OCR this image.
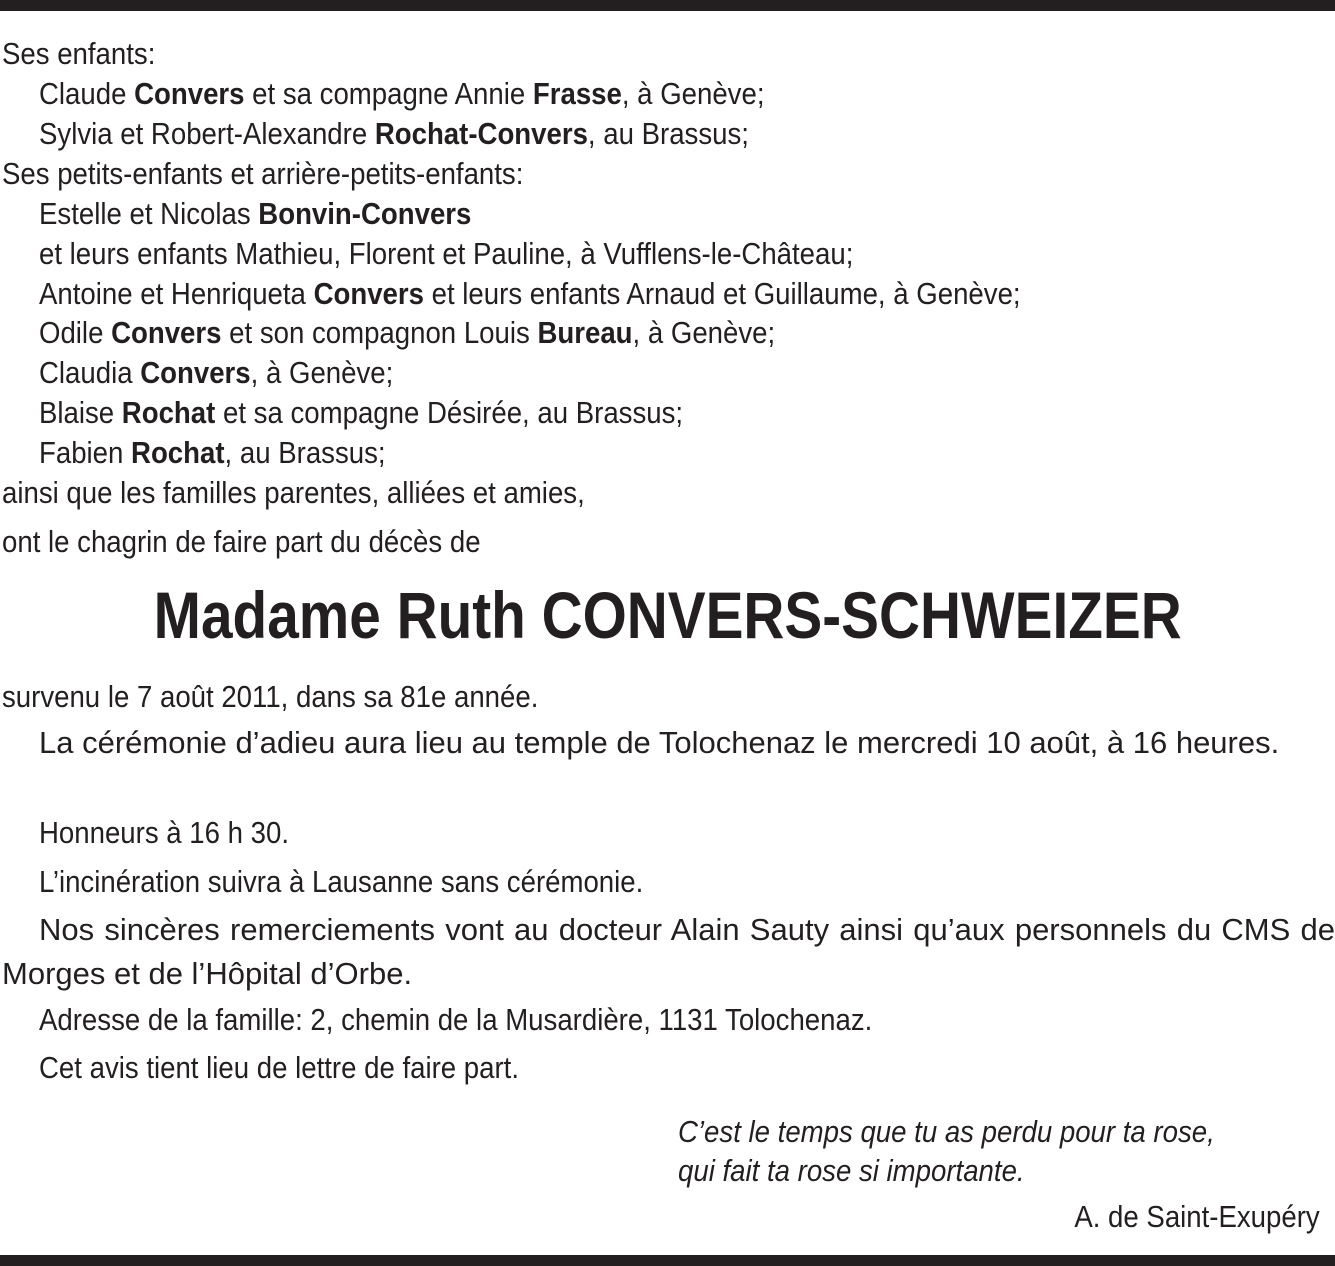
Ses enfants:
Claude Convers et sa compagne Annie Frasse, à Genève;
Sylvia et Robert-Alexandre Rochat-Convers, au Brassus;
Ses petits-enfants et arrière-petits-enfants:
Estelle et Nicolas Bonvin-Convers
et leurs enfants Mathieu, Florent et Pauline, à Vufflens-le-Château;
Antoine et Henriqueta Convers et leurs enfants Arnaud et Guillaume, à Genève;
Odile Convers et son compagnon Louis Bureau, à Genève;
Claudia Convers, à Genève;
Blaise Rochat et sa compagne Désirée, au Brassus;
Fabien Rochat, au Brassus;
ainsi que les familles parentes, alliées et amies,
ont le chagrin de faire part du décès de
Madame Ruth CONVERS-SCHWEIZER
survenu le 7 août 2011, dans sa 81e année.
La cérémonie d’adieu aura lieu au temple de Tolochenaz le mercredi 10 août, à 16 heures.
Honneurs à 16 h 30.
L’incinération suivra à Lausanne sans cérémonie.
Nos sincères remerciements vont au docteur Alain Sauty ainsi qu’aux personnels du CMS de Morges et de l’Hôpital d’Orbe.
Adresse de la famille: 2, chemin de la Musardière, 1131 Tolochenaz.
Cet avis tient lieu de lettre de faire part.
C’est le temps que tu as perdu pour ta rose,
qui fait ta rose si importante.
A. de Saint-Exupéry
